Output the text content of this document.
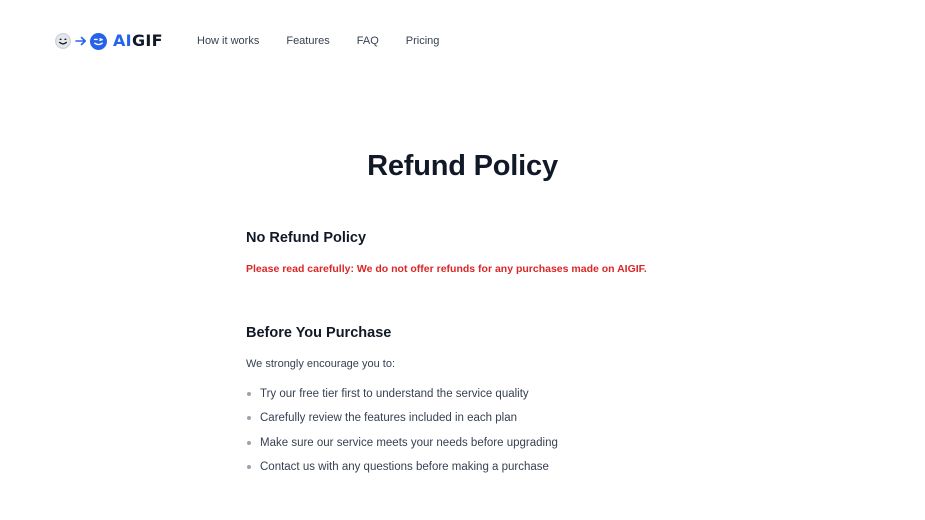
AIGIF	How it works Features FAQ Pricing
Refund Policy
No Refund Policy

Please read carefully: We do not offer refunds for any purchases made on AIGIF.

Before You Purchase

We strongly encourage you to:

Try our free tier first to understand the service quality
Carefully review the features included in each plan
Make sure our service meets your needs before upgrading
Contact us with any questions before making a purchase
